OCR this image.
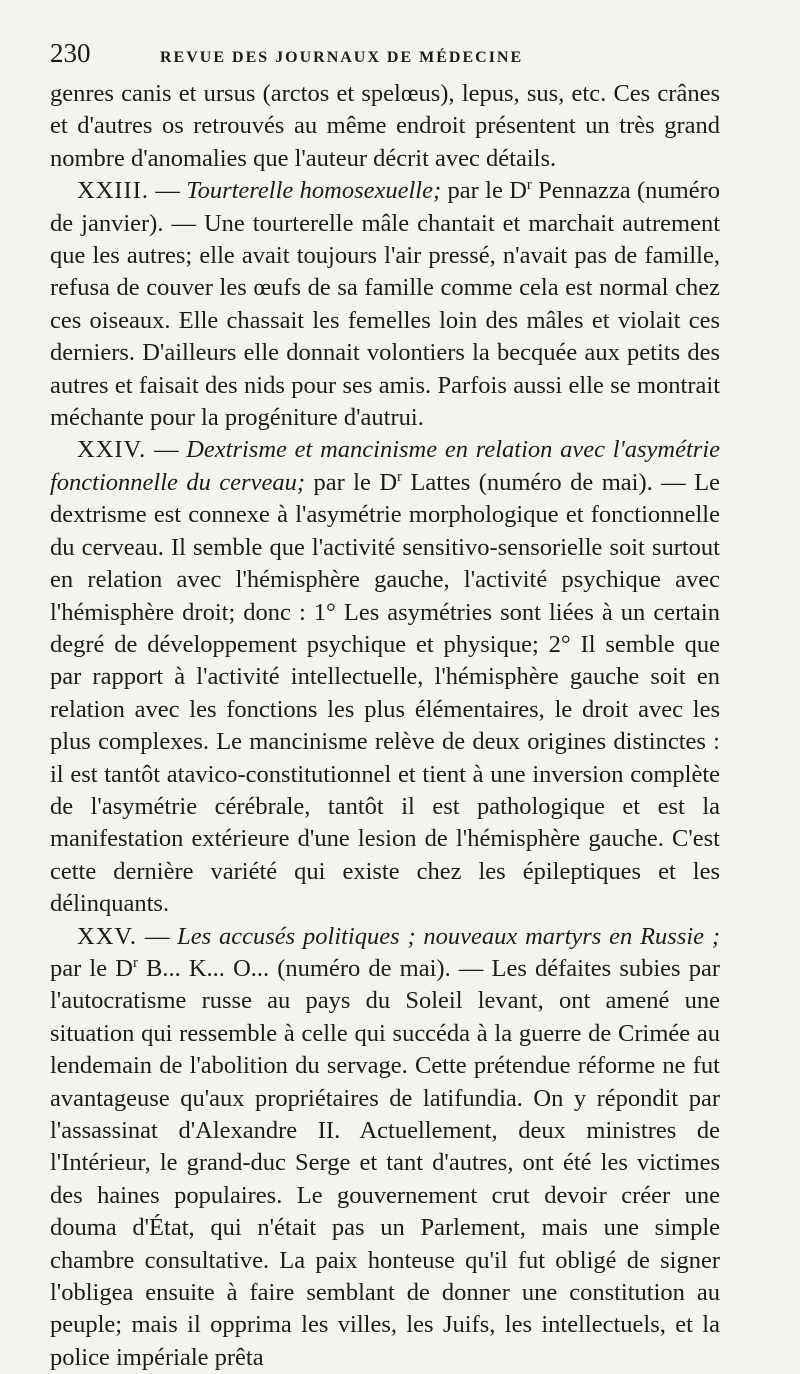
230	REVUE DES JOURNAUX DE MÉDECINE

genres canis et ursus (arctos et spelœus), lepus, sus, etc. Ces crânes et d'autres os retrouvés au même endroit présentent un très grand nombre d'anomalies que l'auteur décrit avec détails.

XXIII. — Tourterelle homosexuelle; par le $D^r$ Pennazza (numéro de janvier). — Une tourterelle mâle chantait et marchait autrement que les autres; elle avait toujours l'air pressé, n'avait pas de famille, refusa de couver les œufs de sa famille comme cela est normal chez ces oiseaux. Elle chassait les femelles loin des mâles et violait ces derniers. D'ailleurs elle donnait volontiers la becquée aux petits des autres et faisait des nids pour ses amis. Parfois aussi elle se montrait méchante pour la progéniture d'autrui.

XXIV. — Dextrisme et mancinisme en relation avec l'asymétrie fonctionnelle du cerveau; par le $D^r$ Lattes (numéro de mai). — Le dextrisme est connexe à l'asymétrie morphologique et fonctionnelle du cerveau. Il semble que l'activité sensitivo-sensorielle soit surtout en relation avec l'hémisphère gauche, l'activité psychique avec l'hémisphère droit; donc : 1° Les asymétries sont liées à un certain degré de développement psychique et physique; 2° Il semble que par rapport à l'activité intellectuelle, l'hémisphère gauche soit en relation avec les fonctions les plus élémentaires, le droit avec les plus complexes. Le mancinisme relève de deux origines distinctes : il est tantôt atavico-constitutionnel et tient à une inversion complète de l'asymétrie cérébrale, tantôt il est pathologique et est la manifestation extérieure d'une lesion de l'hémisphère gauche. C'est cette dernière variété qui existe chez les épileptiques et les délinquants.

XXV. — Les accusés politiques ; nouveaux martyrs en Russie ; par le $D^r$ B... K... O... (numéro de mai). — Les défaites subies par l'autocratisme russe au pays du Soleil levant, ont amené une situation qui ressemble à celle qui succéda à la guerre de Crimée au lendemain de l'abolition du servage. Cette prétendue réforme ne fut avantageuse qu'aux propriétaires de latifundia. On y répondit par l'assassinat d'Alexandre II. Actuellement, deux ministres de l'Intérieur, le grand-duc Serge et tant d'autres, ont été les victimes des haines populaires. Le gouvernement crut devoir créer une douma d'État, qui n'était pas un Parlement, mais une simple chambre consultative. La paix honteuse qu'il fut obligé de signer l'obligea ensuite à faire semblant de donner une constitution au peuple; mais il opprima les villes, les Juifs, les intellectuels, et la police impériale prêta
